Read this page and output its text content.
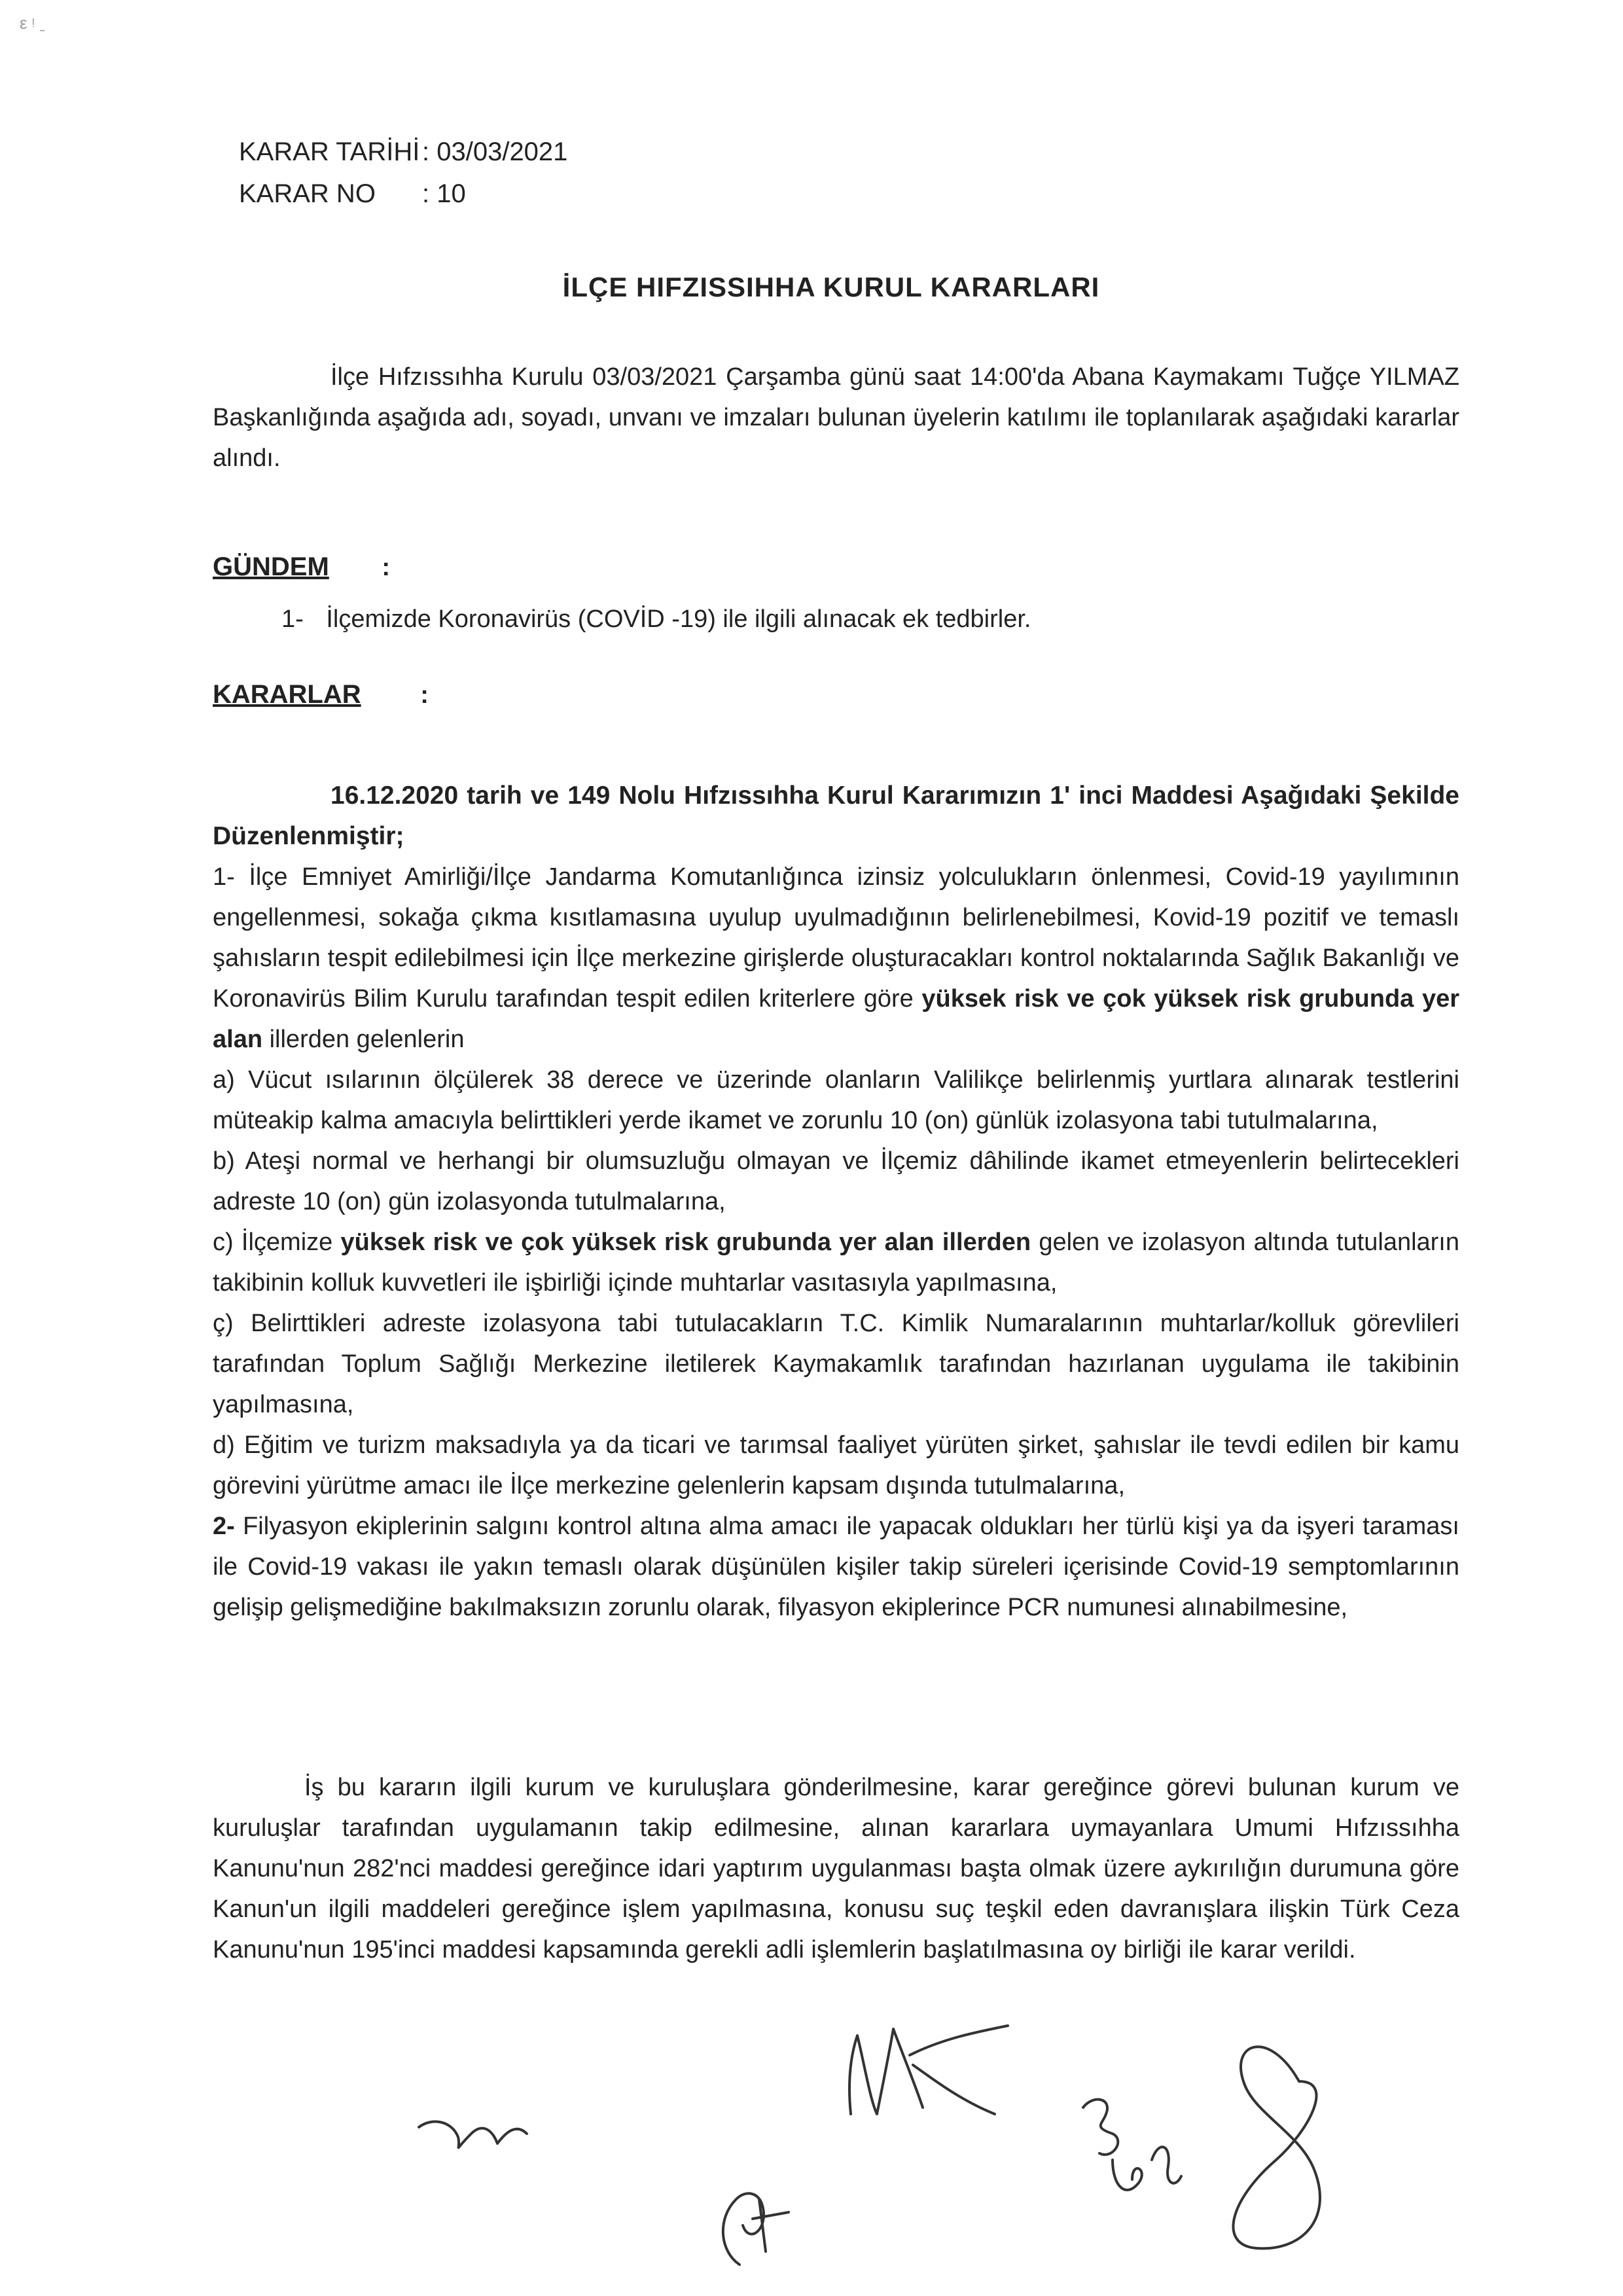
ε ᵎ ˍ
KARAR TARİHİ : 03/03/2021
KARAR NO	: 10
İLÇE HIFZISSIHHA KURUL KARARLARI
İlçe Hıfzıssıhha Kurulu 03/03/2021 Çarşamba günü saat 14:00'da Abana Kaymakamı Tuğçe YILMAZ Başkanlığında aşağıda adı, soyadı, unvanı ve imzaları bulunan üyelerin katılımı ile toplanılarak aşağıdaki kararlar alındı.
GÜNDEM :
1- İlçemizde Koronavirüs (COVİD -19) ile ilgili alınacak ek tedbirler.
KARARLAR :

16.12.2020 tarih ve 149 Nolu Hıfzıssıhha Kurul Kararımızın 1' inci Maddesi Aşağıdaki Şekilde Düzenlenmiştir;

1- İlçe Emniyet Amirliği/İlçe Jandarma Komutanlığınca izinsiz yolculukların önlenmesi, Covid-19 yayılımının engellenmesi, sokağa çıkma kısıtlamasına uyulup uyulmadığının belirlenebilmesi, Kovid-19 pozitif ve temaslı şahısların tespit edilebilmesi için İlçe merkezine girişlerde oluşturacakları kontrol noktalarında Sağlık Bakanlığı ve Koronavirüs Bilim Kurulu tarafından tespit edilen kriterlere göre yüksek risk ve çok yüksek risk grubunda yer alan illerden gelenlerin

a) Vücut ısılarının ölçülerek 38 derece ve üzerinde olanların Valilikçe belirlenmiş yurtlara alınarak testlerini müteakip kalma amacıyla belirttikleri yerde ikamet ve zorunlu 10 (on) günlük izolasyona tabi tutulmalarına,

b) Ateşi normal ve herhangi bir olumsuzluğu olmayan ve İlçemiz dâhilinde ikamet etmeyenlerin belirtecekleri adreste 10 (on) gün izolasyonda tutulmalarına,

c) İlçemize yüksek risk ve çok yüksek risk grubunda yer alan illerden gelen ve izolasyon altında tutulanların takibinin kolluk kuvvetleri ile işbirliği içinde muhtarlar vasıtasıyla yapılmasına,

ç) Belirttikleri adreste izolasyona tabi tutulacakların T.C. Kimlik Numaralarının muhtarlar/kolluk görevlileri tarafından Toplum Sağlığı Merkezine iletilerek Kaymakamlık tarafından hazırlanan uygulama ile takibinin yapılmasına,

d) Eğitim ve turizm maksadıyla ya da ticari ve tarımsal faaliyet yürüten şirket, şahıslar ile tevdi edilen bir kamu görevini yürütme amacı ile İlçe merkezine gelenlerin kapsam dışında tutulmalarına,

2- Filyasyon ekiplerinin salgını kontrol altına alma amacı ile yapacak oldukları her türlü kişi ya da işyeri taraması ile Covid-19 vakası ile yakın temaslı olarak düşünülen kişiler takip süreleri içerisinde Covid-19 semptomlarının gelişip gelişmediğine bakılmaksızın zorunlu olarak, filyasyon ekiplerince PCR numunesi alınabilmesine,

İş bu kararın ilgili kurum ve kuruluşlara gönderilmesine, karar gereğince görevi bulunan kurum ve kuruluşlar tarafından uygulamanın takip edilmesine, alınan kararlara uymayanlara Umumi Hıfzıssıhha Kanunu'nun 282'nci maddesi gereğince idari yaptırım uygulanması başta olmak üzere aykırılığın durumuna göre Kanun'un ilgili maddeleri gereğince işlem yapılmasına, konusu suç teşkil eden davranışlara ilişkin Türk Ceza Kanunu'nun 195'inci maddesi kapsamında gerekli adli işlemlerin başlatılmasına oy birliği ile karar verildi.
